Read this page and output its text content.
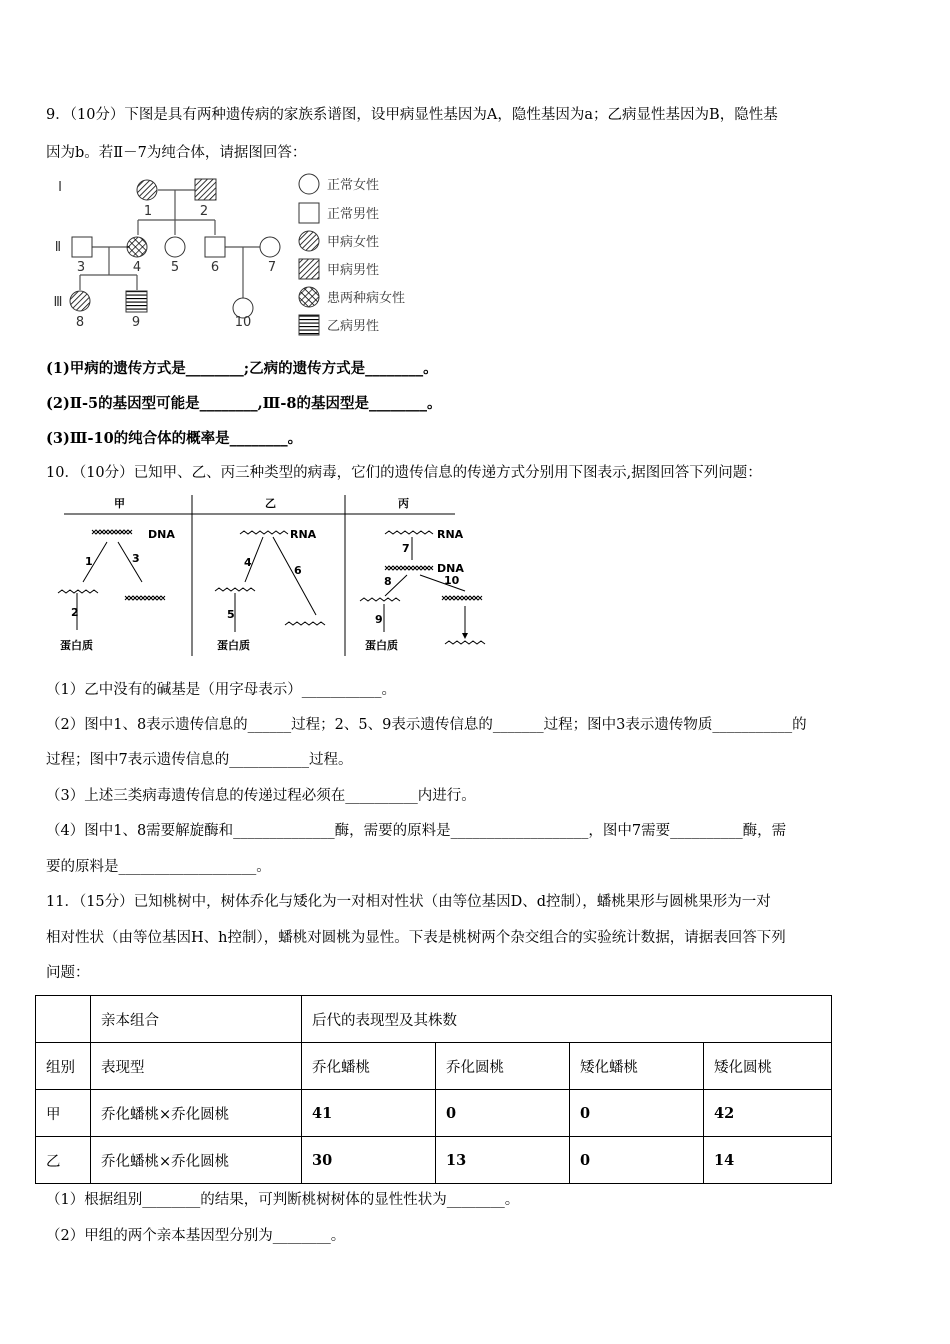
9．（10分）下图是具有两种遗传病的家族系谱图，设甲病显性基因为A，隐性基因为a；乙病显性基因为B，隐性基
因为b。若Ⅱ－7为纯合体，请据图回答：
Ⅰ
Ⅱ
Ⅲ
1	2
3	4 5 6	7
8	9	10
正常女性
正常男性
甲病女性
甲病男性
患两种病女性
乙病男性
(1)甲病的遗传方式是________;乙病的遗传方式是________。
(2)Ⅱ-5的基因型可能是________,Ⅲ-8的基因型是________。
(3)Ⅲ-10的纯合体的概率是________。
10．（10分）已知甲、乙、丙三种类型的病毒，它们的遗传信息的传递方式分别用下图表示,据图回答下列问题：
甲	乙	丙
DNA	RNA	RNA
DNA
蛋白质	蛋白质	蛋白质
1
2
3	4
5
6
7
8
9
10
（1）乙中没有的碱基是（用字母表示）___________。
（2）图中1、8表示遗传信息的______过程；2、5、9表示遗传信息的_______过程；图中3表示遗传物质___________的
过程；图中7表示遗传信息的___________过程。
（3）上述三类病毒遗传信息的传递过程必须在__________内进行。
（4）图中1、8需要解旋酶和______________酶，需要的原料是___________________，图中7需要__________酶，需
要的原料是___________________。
11．（15分）已知桃树中，树体乔化与矮化为一对相对性状（由等位基因D、d控制），蟠桃果形与圆桃果形为一对
相对性状（由等位基因H、h控制），蟠桃对圆桃为显性。下表是桃树两个杂交组合的实验统计数据，请据表回答下列
问题：
	亲本组合	后代的表现型及其株数			
组别	表现型	乔化蟠桃	乔化圆桃	矮化蟠桃	矮化圆桃
甲	乔化蟠桃×乔化圆桃	41	0	0	42
乙	乔化蟠桃×乔化圆桃	30	13	0	14
（1）根据组别________的结果，可判断桃树树体的显性性状为________。
（2）甲组的两个亲本基因型分别为________。
